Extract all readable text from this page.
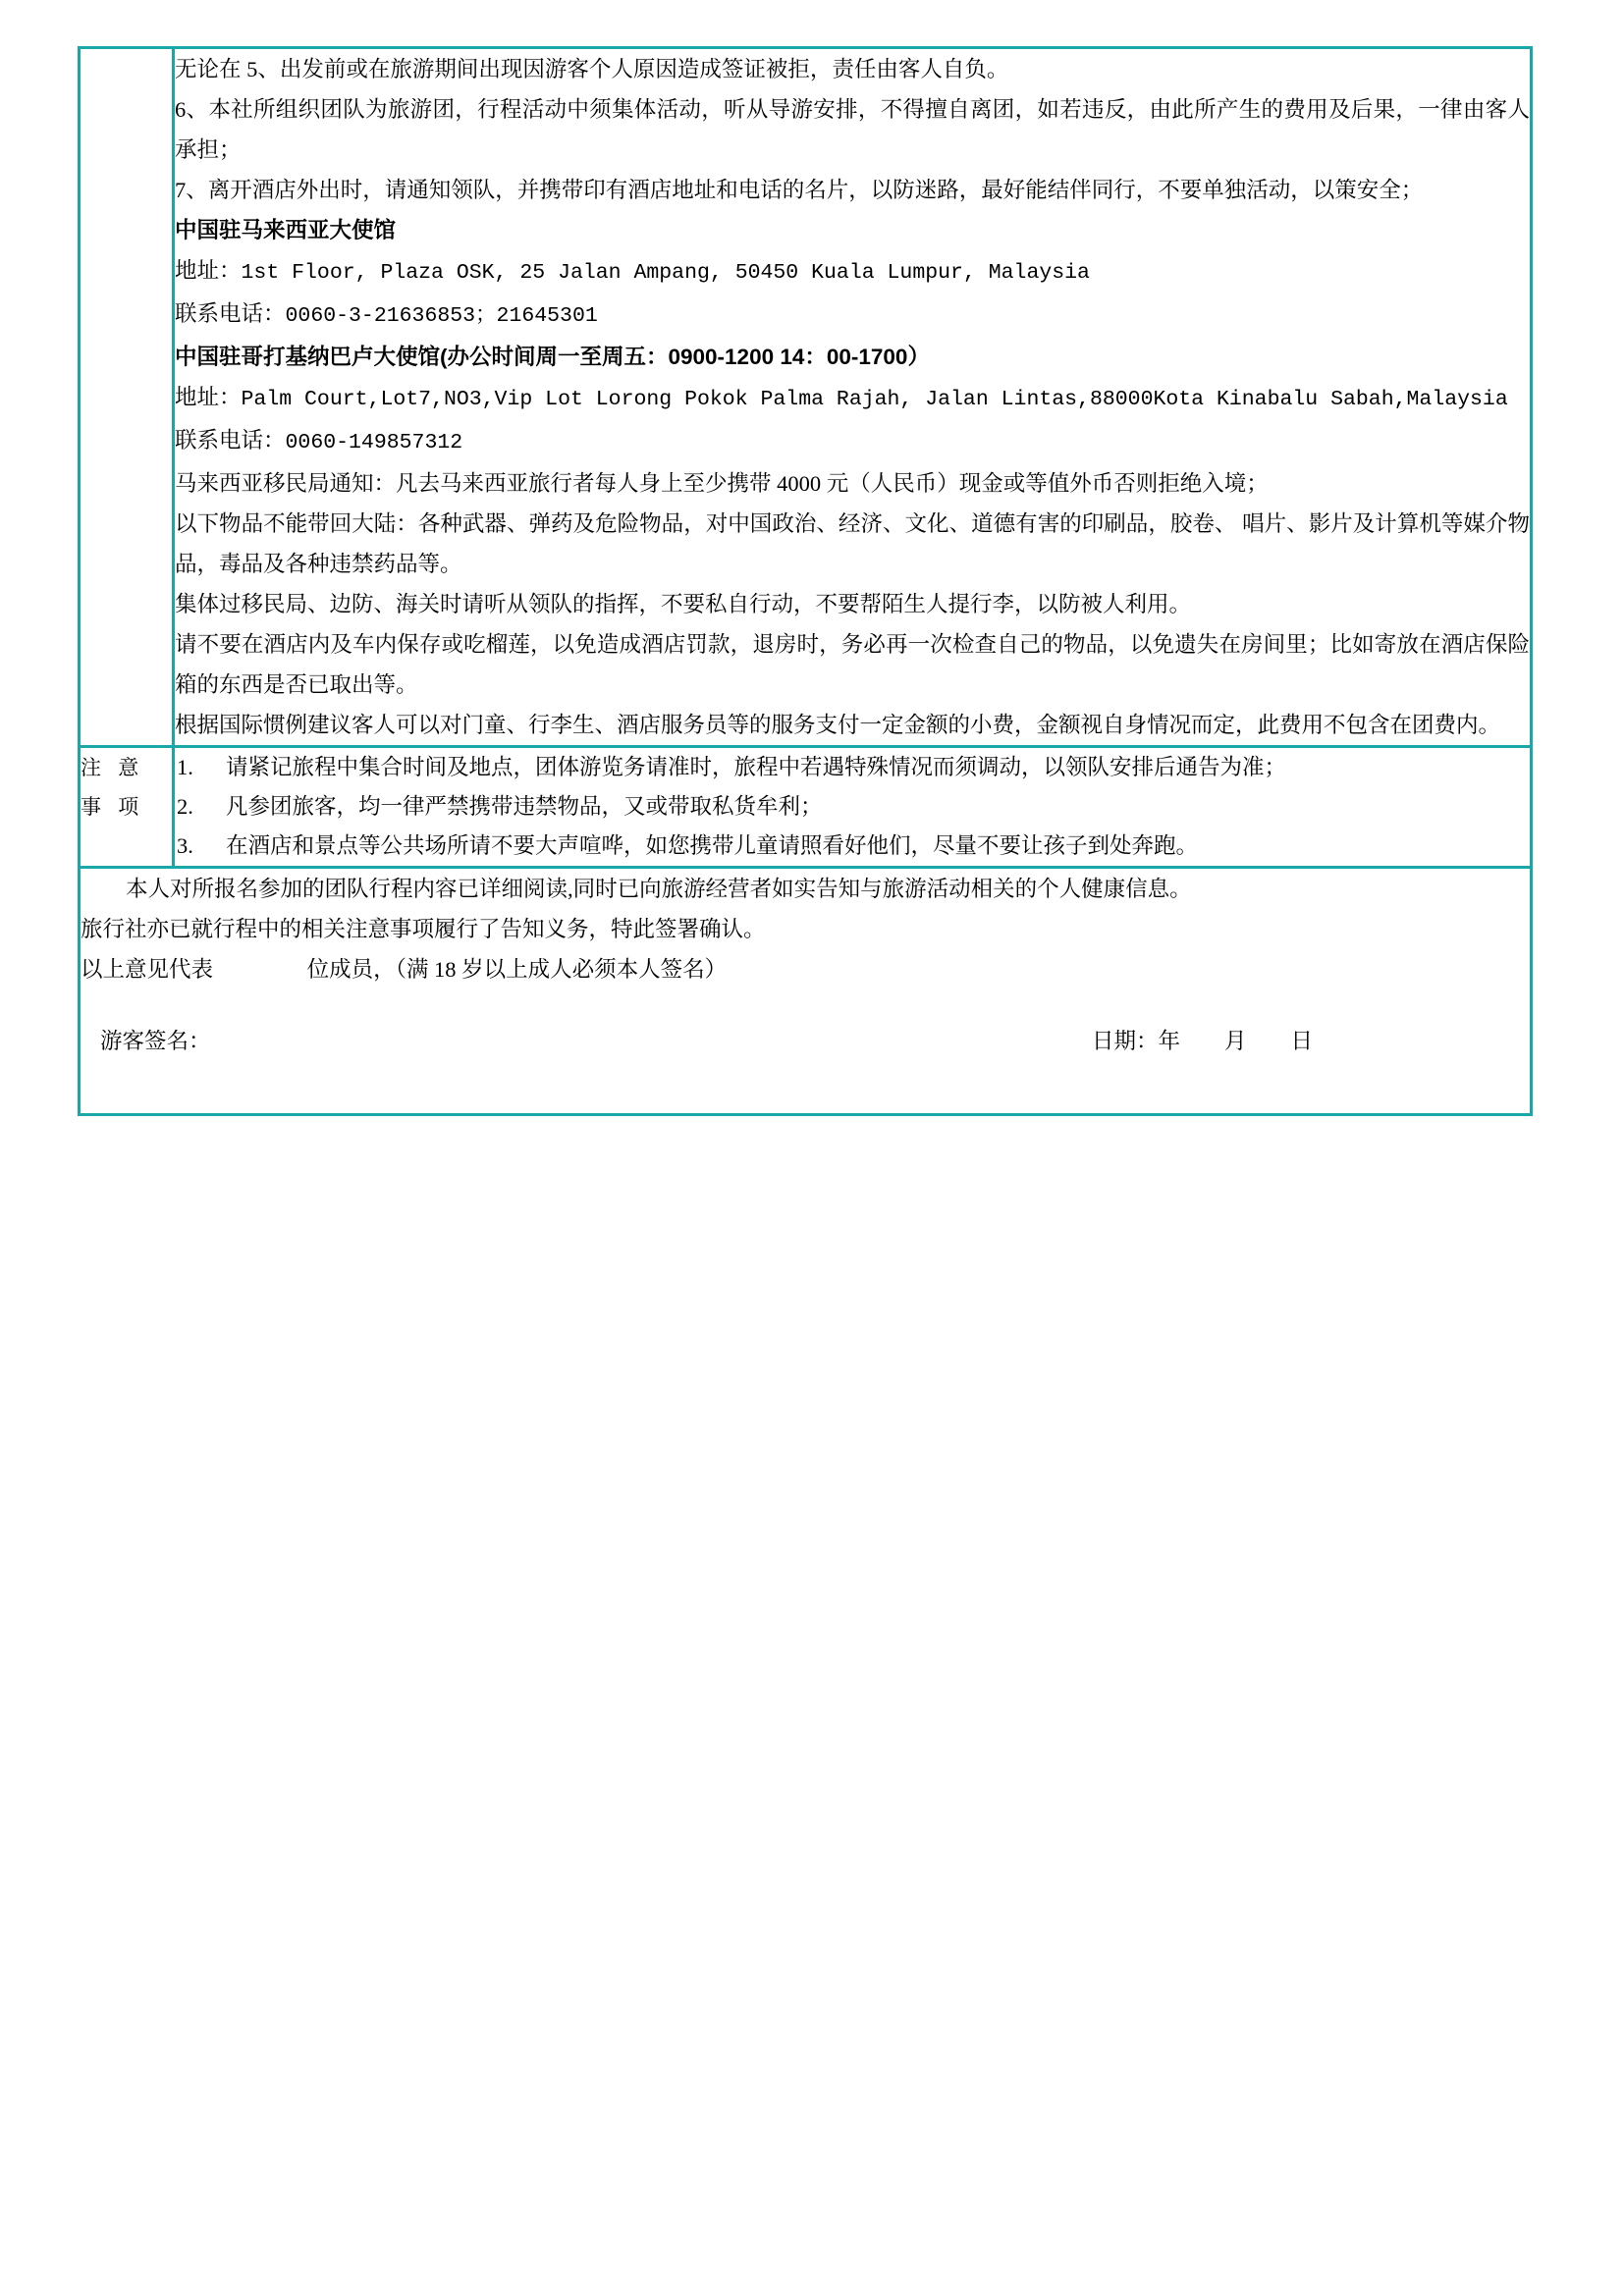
无论在 5、出发前或在旅游期间出现因游客个人原因造成签证被拒，责任由客人自负。

6、本社所组织团队为旅游团，行程活动中须集体活动，听从导游安排，不得擅自离团，如若违反，由此所产生的费用及后果，一律由客人承担；

7、离开酒店外出时，请通知领队，并携带印有酒店地址和电话的名片，以防迷路，最好能结伴同行，不要单独活动，以策安全；

中国驻马来西亚大使馆

地址：1st Floor, Plaza OSK, 25 Jalan Ampang, 50450 Kuala Lumpur, Malaysia

联系电话：0060-3-21636853；21645301

中国驻哥打基纳巴卢大使馆(办公时间周一至周五：0900-1200 14：00-1700）

地址：Palm Court,Lot7,NO3,Vip Lot Lorong Pokok Palma Rajah, Jalan Lintas,88000Kota Kinabalu Sabah,Malaysia

联系电话：0060-149857312

马来西亚移民局通知：凡去马来西亚旅行者每人身上至少携带 4000 元（人民币）现金或等值外币否则拒绝入境；

以下物品不能带回大陆：各种武器、弹药及危险物品，对中国政治、经济、文化、道德有害的印刷品，胶卷、 唱片、影片及计算机等媒介物品，毒品及各种违禁药品等。

集体过移民局、边防、海关时请听从领队的指挥，不要私自行动，不要帮陌生人提行李，以防被人利用。

请不要在酒店内及车内保存或吃榴莲，以免造成酒店罚款，退房时，务必再一次检查自己的物品，以免遗失在房间里；比如寄放在酒店保险箱的东西是否已取出等。

根据国际惯例建议客人可以对门童、行李生、酒店服务员等的服务支付一定金额的小费，金额视自身情况而定，此费用不包含在团费内。

注 意 事 项

请紧记旅程中集合时间及地点，团体游览务请准时，旅程中若遇特殊情况而须调动，以领队安排后通告为准；
凡参团旅客，均一律严禁携带违禁物品，又或带取私货牟利；
在酒店和景点等公共场所请不要大声喧哗，如您携带儿童请照看好他们，尽量不要让孩子到处奔跑。

本人对所报名参加的团队行程内容已详细阅读,同时已向旅游经营者如实告知与旅游活动相关的个人健康信息。

旅行社亦已就行程中的相关注意事项履行了告知义务，特此签署确认。

以上意见代表                 位成员，（满 18 岁以上成人必须本人签名）

游客签名： 日期：年        月        日	
